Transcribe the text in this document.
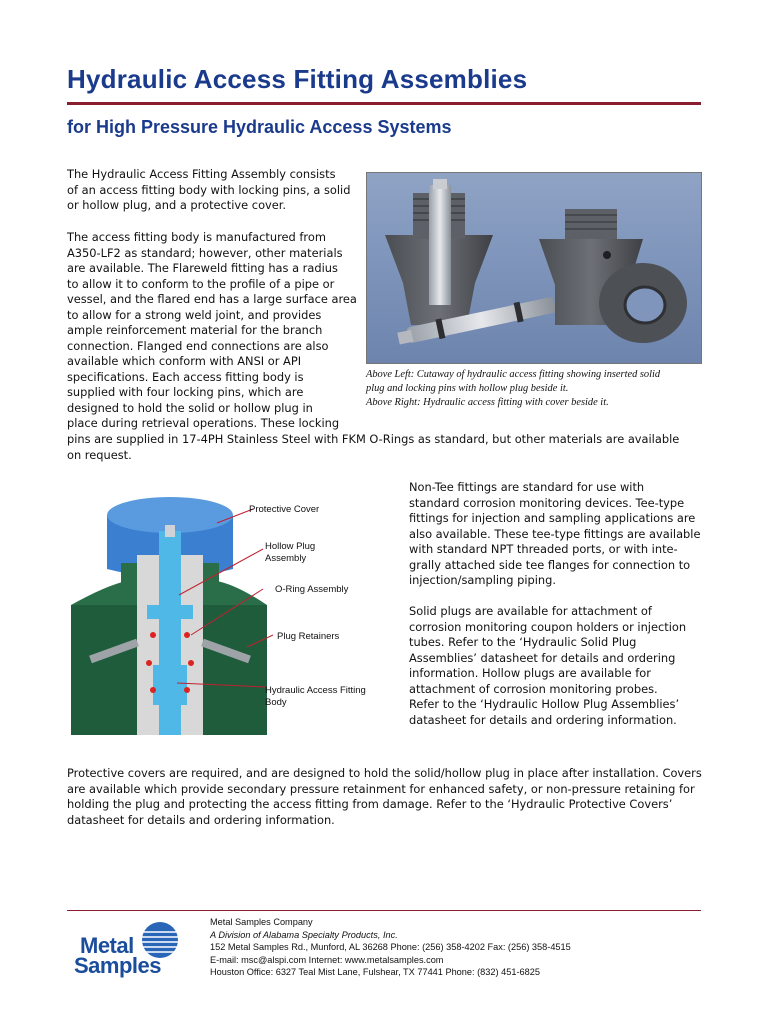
Hydraulic Access Fitting Assemblies
for High Pressure Hydraulic Access Systems
The Hydraulic Access Fitting Assembly consists
of an access fitting body with locking pins, a solid
or hollow plug, and a protective cover.
The access fitting body is manufactured from
A350-LF2 as standard; however, other materials
are available. The Flareweld fitting has a radius
to allow it to conform to the profile of a pipe or
vessel, and the flared end has a large surface area
to allow for a strong weld joint, and provides
ample reinforcement material for the branch
connection. Flanged end connections are also
available which conform with ANSI or API
specifications. Each access fitting body is
supplied with four locking pins, which are
designed to hold the solid or hollow plug in
place during retrieval operations. These locking
pins are supplied in 17-4PH Stainless Steel with FKM O-Rings as standard, but other materials are available
on request.
Above Left: Cutaway of hydraulic access fitting showing inserted solid
plug and locking pins with hollow plug beside it.
Above Right: Hydraulic access fitting with cover beside it.
Protective Cover
Hollow Plug
Assembly
O-Ring Assembly
Plug Retainers
Hydraulic Access Fitting
Body
Non-Tee fittings are standard for use with
standard corrosion monitoring devices. Tee-type
fittings for injection and sampling applications are
also available. These tee-type fittings are available
with standard NPT threaded ports, or with inte-
grally attached side tee flanges for connection to
injection/sampling piping.
Solid plugs are available for attachment of
corrosion monitoring coupon holders or injection
tubes. Refer to the ‘Hydraulic Solid Plug
Assemblies’ datasheet for details and ordering
information. Hollow plugs are available for
attachment of corrosion monitoring probes.
Refer to the ‘Hydraulic Hollow Plug Assemblies’
datasheet for details and ordering information.
Protective covers are required, and are designed to hold the solid/hollow plug in place after installation. Covers
are available which provide secondary pressure retainment for enhanced safety, or non-pressure retaining for
holding the plug and protecting the access fitting from damage. Refer to the ‘Hydraulic Protective Covers’
datasheet for details and ordering information.
Metal
Samples
Metal Samples Company
A Division of Alabama Specialty Products, Inc.
152 Metal Samples Rd., Munford, AL 36268 Phone: (256) 358-4202 Fax: (256) 358-4515
E-mail: msc@alspi.com Internet: www.metalsamples.com
Houston Office: 6327 Teal Mist Lane, Fulshear, TX 77441 Phone: (832) 451-6825
